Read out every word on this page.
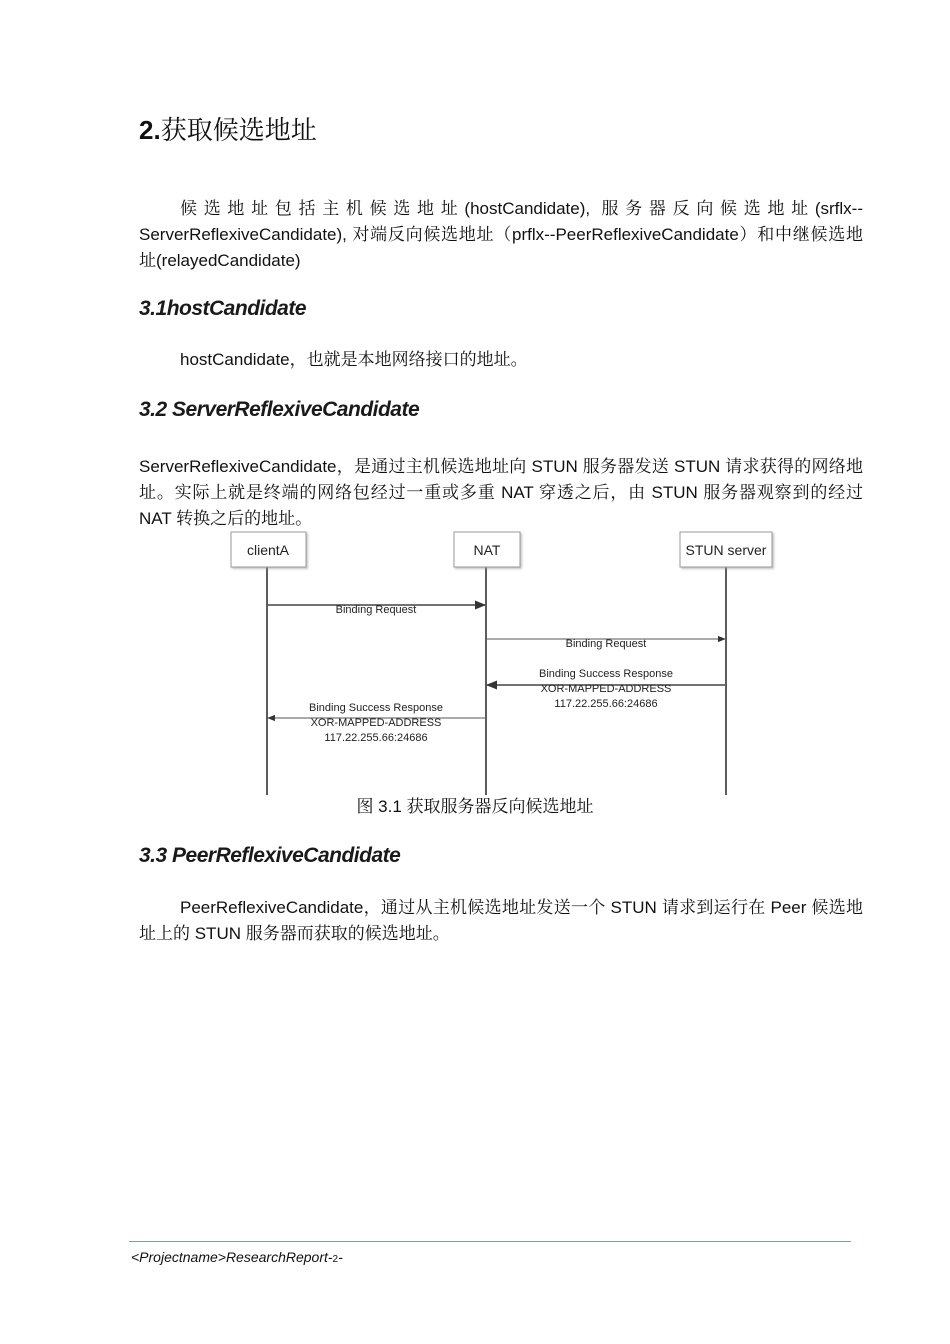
2.获取候选地址
候选地址包括主机候选地址(hostCandidate), 服务器反向候选地址(srflx--ServerReflexiveCandidate), 对端反向候选地址（prflx--PeerReflexiveCandidate）和中继候选地址(relayedCandidate)
3.1hostCandidate
hostCandidate，也就是本地网络接口的地址。
3.2 ServerReflexiveCandidate
ServerReflexiveCandidate，是通过主机候选地址向 STUN 服务器发送 STUN 请求获得的网络地址。实际上就是终端的网络包经过一重或多重 NAT 穿透之后，由 STUN 服务器观察到的经过 NAT 转换之后的地址。
clientA	NAT	STUN server
Binding Request
Binding Request
Binding Success Response
XOR-MAPPED-ADDRESS
117.22.255.66:24686
Binding Success Response
XOR-MAPPED-ADDRESS
117.22.255.66:24686
图 3.1 获取服务器反向候选地址
3.3 PeerReflexiveCandidate
PeerReflexiveCandidate，通过从主机候选地址发送一个 STUN 请求到运行在 Peer 候选地址上的 STUN 服务器而获取的候选地址。
<Projectname>ResearchReport-2-
